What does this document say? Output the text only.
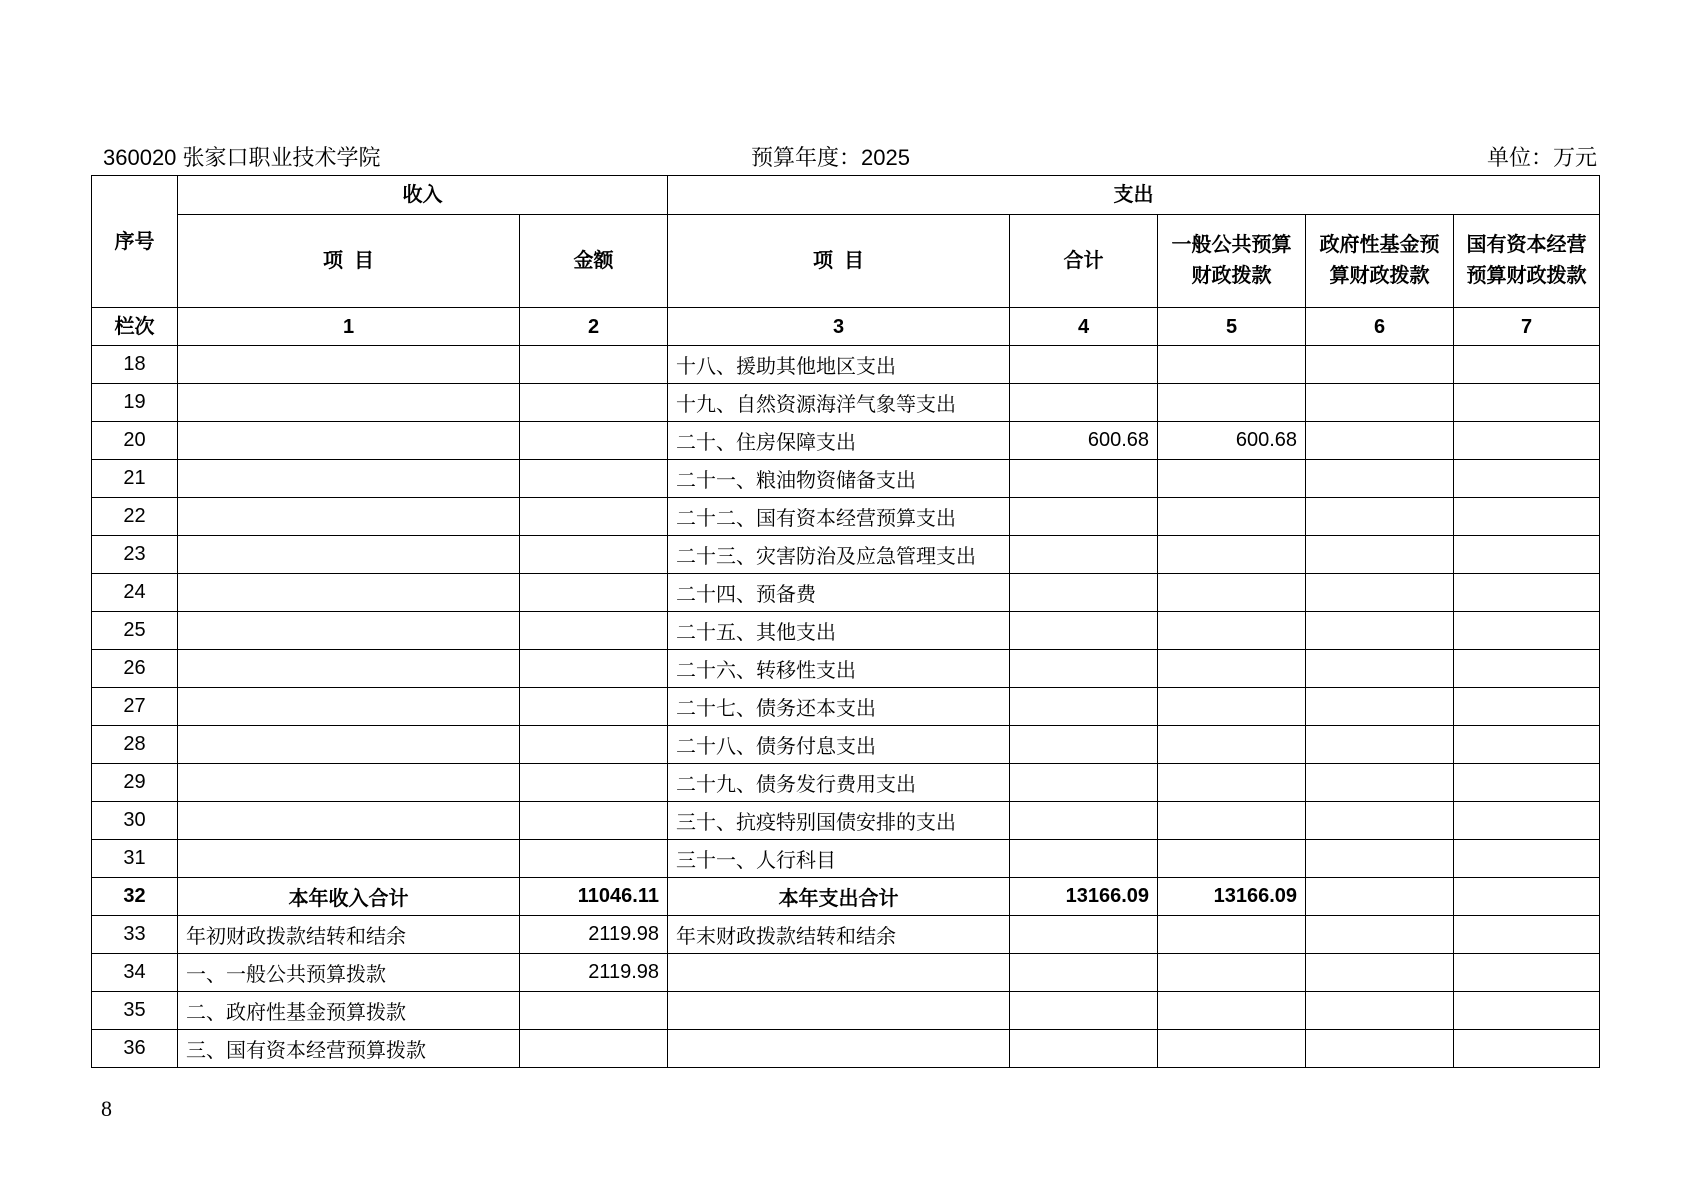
360020 张家口职业技术学院	预算年度：2025	单位：万元
序号	收入		支出				
	项  目	金额	项  目	合计	一般公共预算财政拨款	政府性基金预算财政拨款	国有资本经营预算财政拨款
栏次	1	2	3	4	5	6	7
18			十八、援助其他地区支出				
19			十九、自然资源海洋气象等支出				
20			二十、住房保障支出	600.68	600.68		
21			二十一、粮油物资储备支出				
22			二十二、国有资本经营预算支出				
23			二十三、灾害防治及应急管理支出				
24			二十四、预备费				
25			二十五、其他支出				
26			二十六、转移性支出				
27			二十七、债务还本支出				
28			二十八、债务付息支出				
29			二十九、债务发行费用支出				
30			三十、抗疫特别国债安排的支出				
31			三十一、人行科目				
32	本年收入合计	11046.11	本年支出合计	13166.09	13166.09		
33	年初财政拨款结转和结余	2119.98	年末财政拨款结转和结余				
34	一、一般公共预算拨款	2119.98					
35	二、政府性基金预算拨款						
36	三、国有资本经营预算拨款						
8
